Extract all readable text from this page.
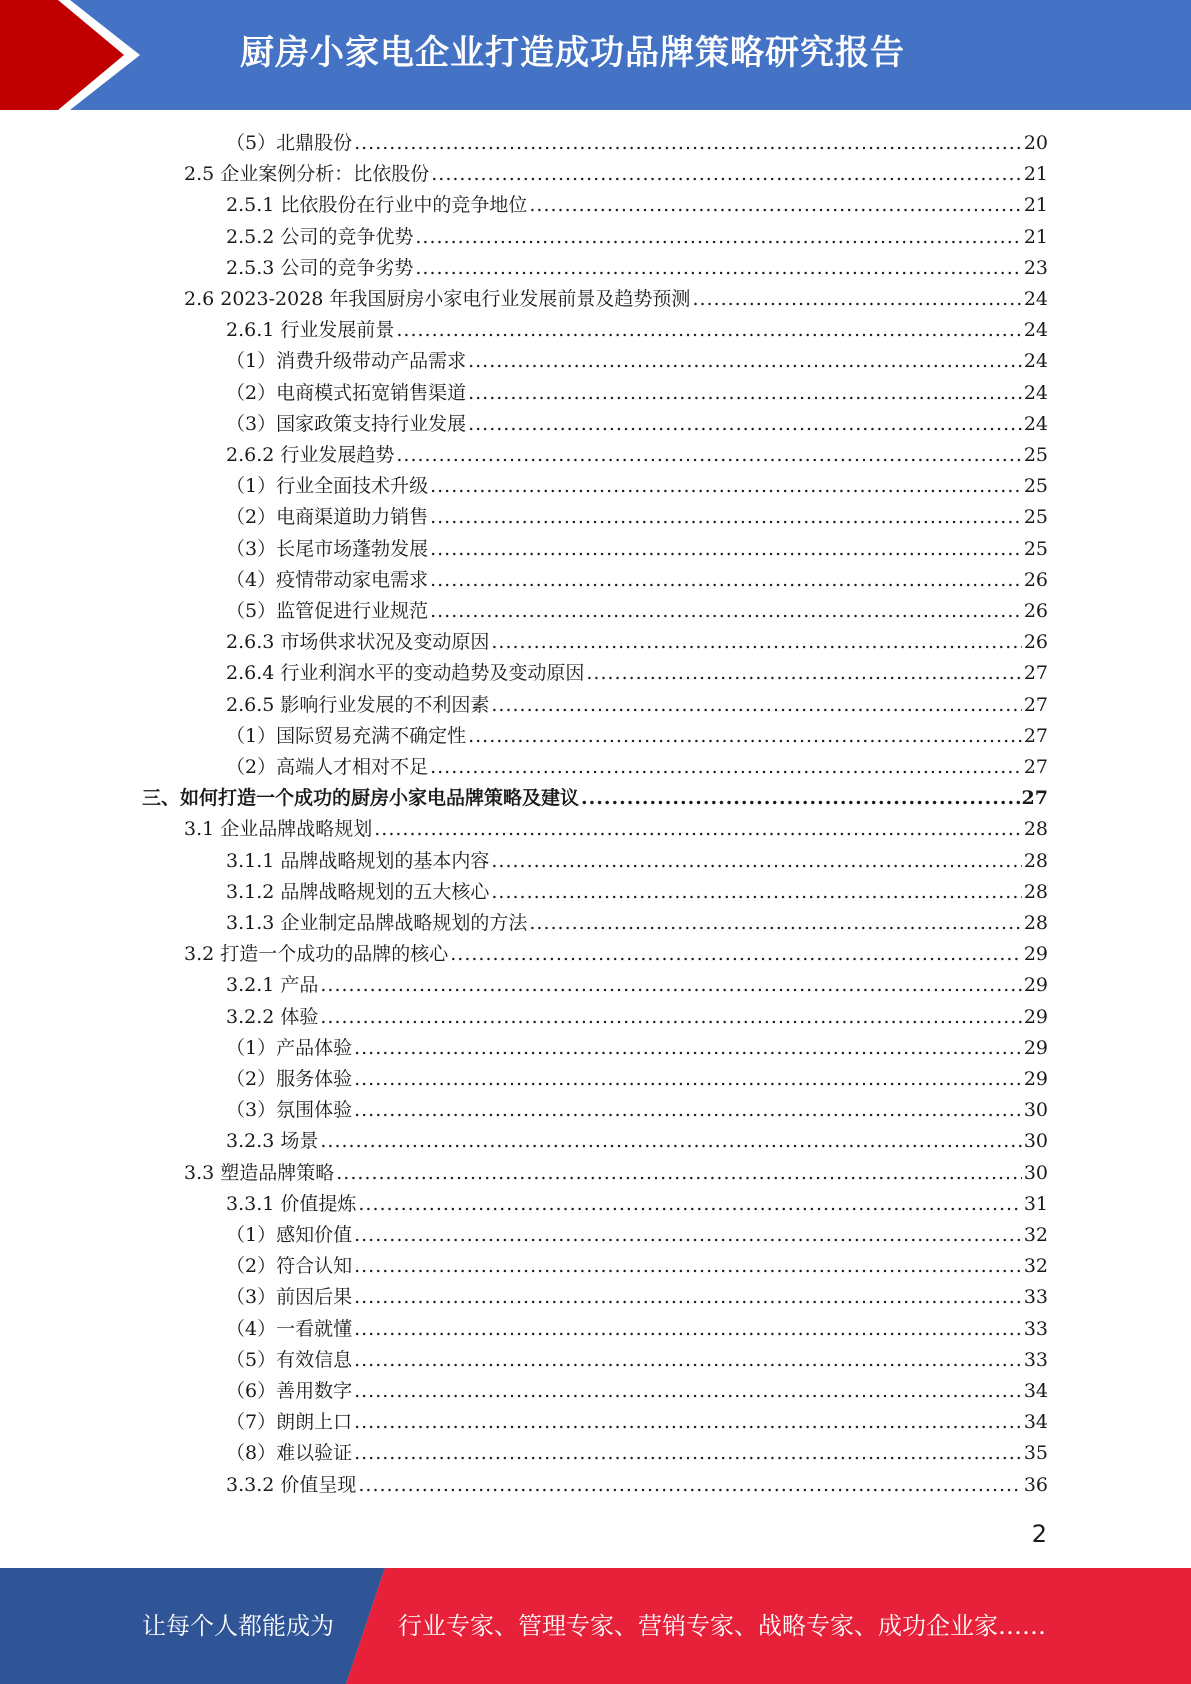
厨房小家电企业打造成功品牌策略研究报告
（5）北鼎股份 .....	20
2.5 企业案例分析：比依股份 .....	21
2.5.1 比依股份在行业中的竞争地位 .....	21
2.5.2 公司的竞争优势 .....	21
2.5.3 公司的竞争劣势 .....	23
2.6 2023-2028 年我国厨房小家电行业发展前景及趋势预测 .....	24
2.6.1 行业发展前景 .....	24
（1）消费升级带动产品需求 .....	24
（2）电商模式拓宽销售渠道 .....	24
（3）国家政策支持行业发展 .....	24
2.6.2 行业发展趋势 .....	25
（1）行业全面技术升级 .....	25
（2）电商渠道助力销售 .....	25
（3）长尾市场蓬勃发展 .....	25
（4）疫情带动家电需求 .....	26
（5）监管促进行业规范 .....	26
2.6.3 市场供求状况及变动原因 .....	26
2.6.4 行业利润水平的变动趋势及变动原因 .....	27
2.6.5 影响行业发展的不利因素 .....	27
（1）国际贸易充满不确定性 .....	27
（2）高端人才相对不足 .....	27
三、如何打造一个成功的厨房小家电品牌策略及建议 .....	27
3.1 企业品牌战略规划 .....	28
3.1.1 品牌战略规划的基本内容 .....	28
3.1.2 品牌战略规划的五大核心 .....	28
3.1.3 企业制定品牌战略规划的方法 .....	28
3.2 打造一个成功的品牌的核心 .....	29
3.2.1 产品 .....	29
3.2.2 体验 .....	29
（1）产品体验 .....	29
（2）服务体验 .....	29
（3）氛围体验 .....	30
3.2.3 场景 .....	30
3.3 塑造品牌策略 .....	30
3.3.1 价值提炼 .....	31
（1）感知价值 .....	32
（2）符合认知 .....	32
（3）前因后果 .....	33
（4）一看就懂 .....	33
（5）有效信息 .....	33
（6）善用数字 .....	34
（7）朗朗上口 .....	34
（8）难以验证 .....	35
3.3.2 价值呈现 .....	36
2
让每个人都能成为	行业专家、管理专家、营销专家、战略专家、成功企业家……
